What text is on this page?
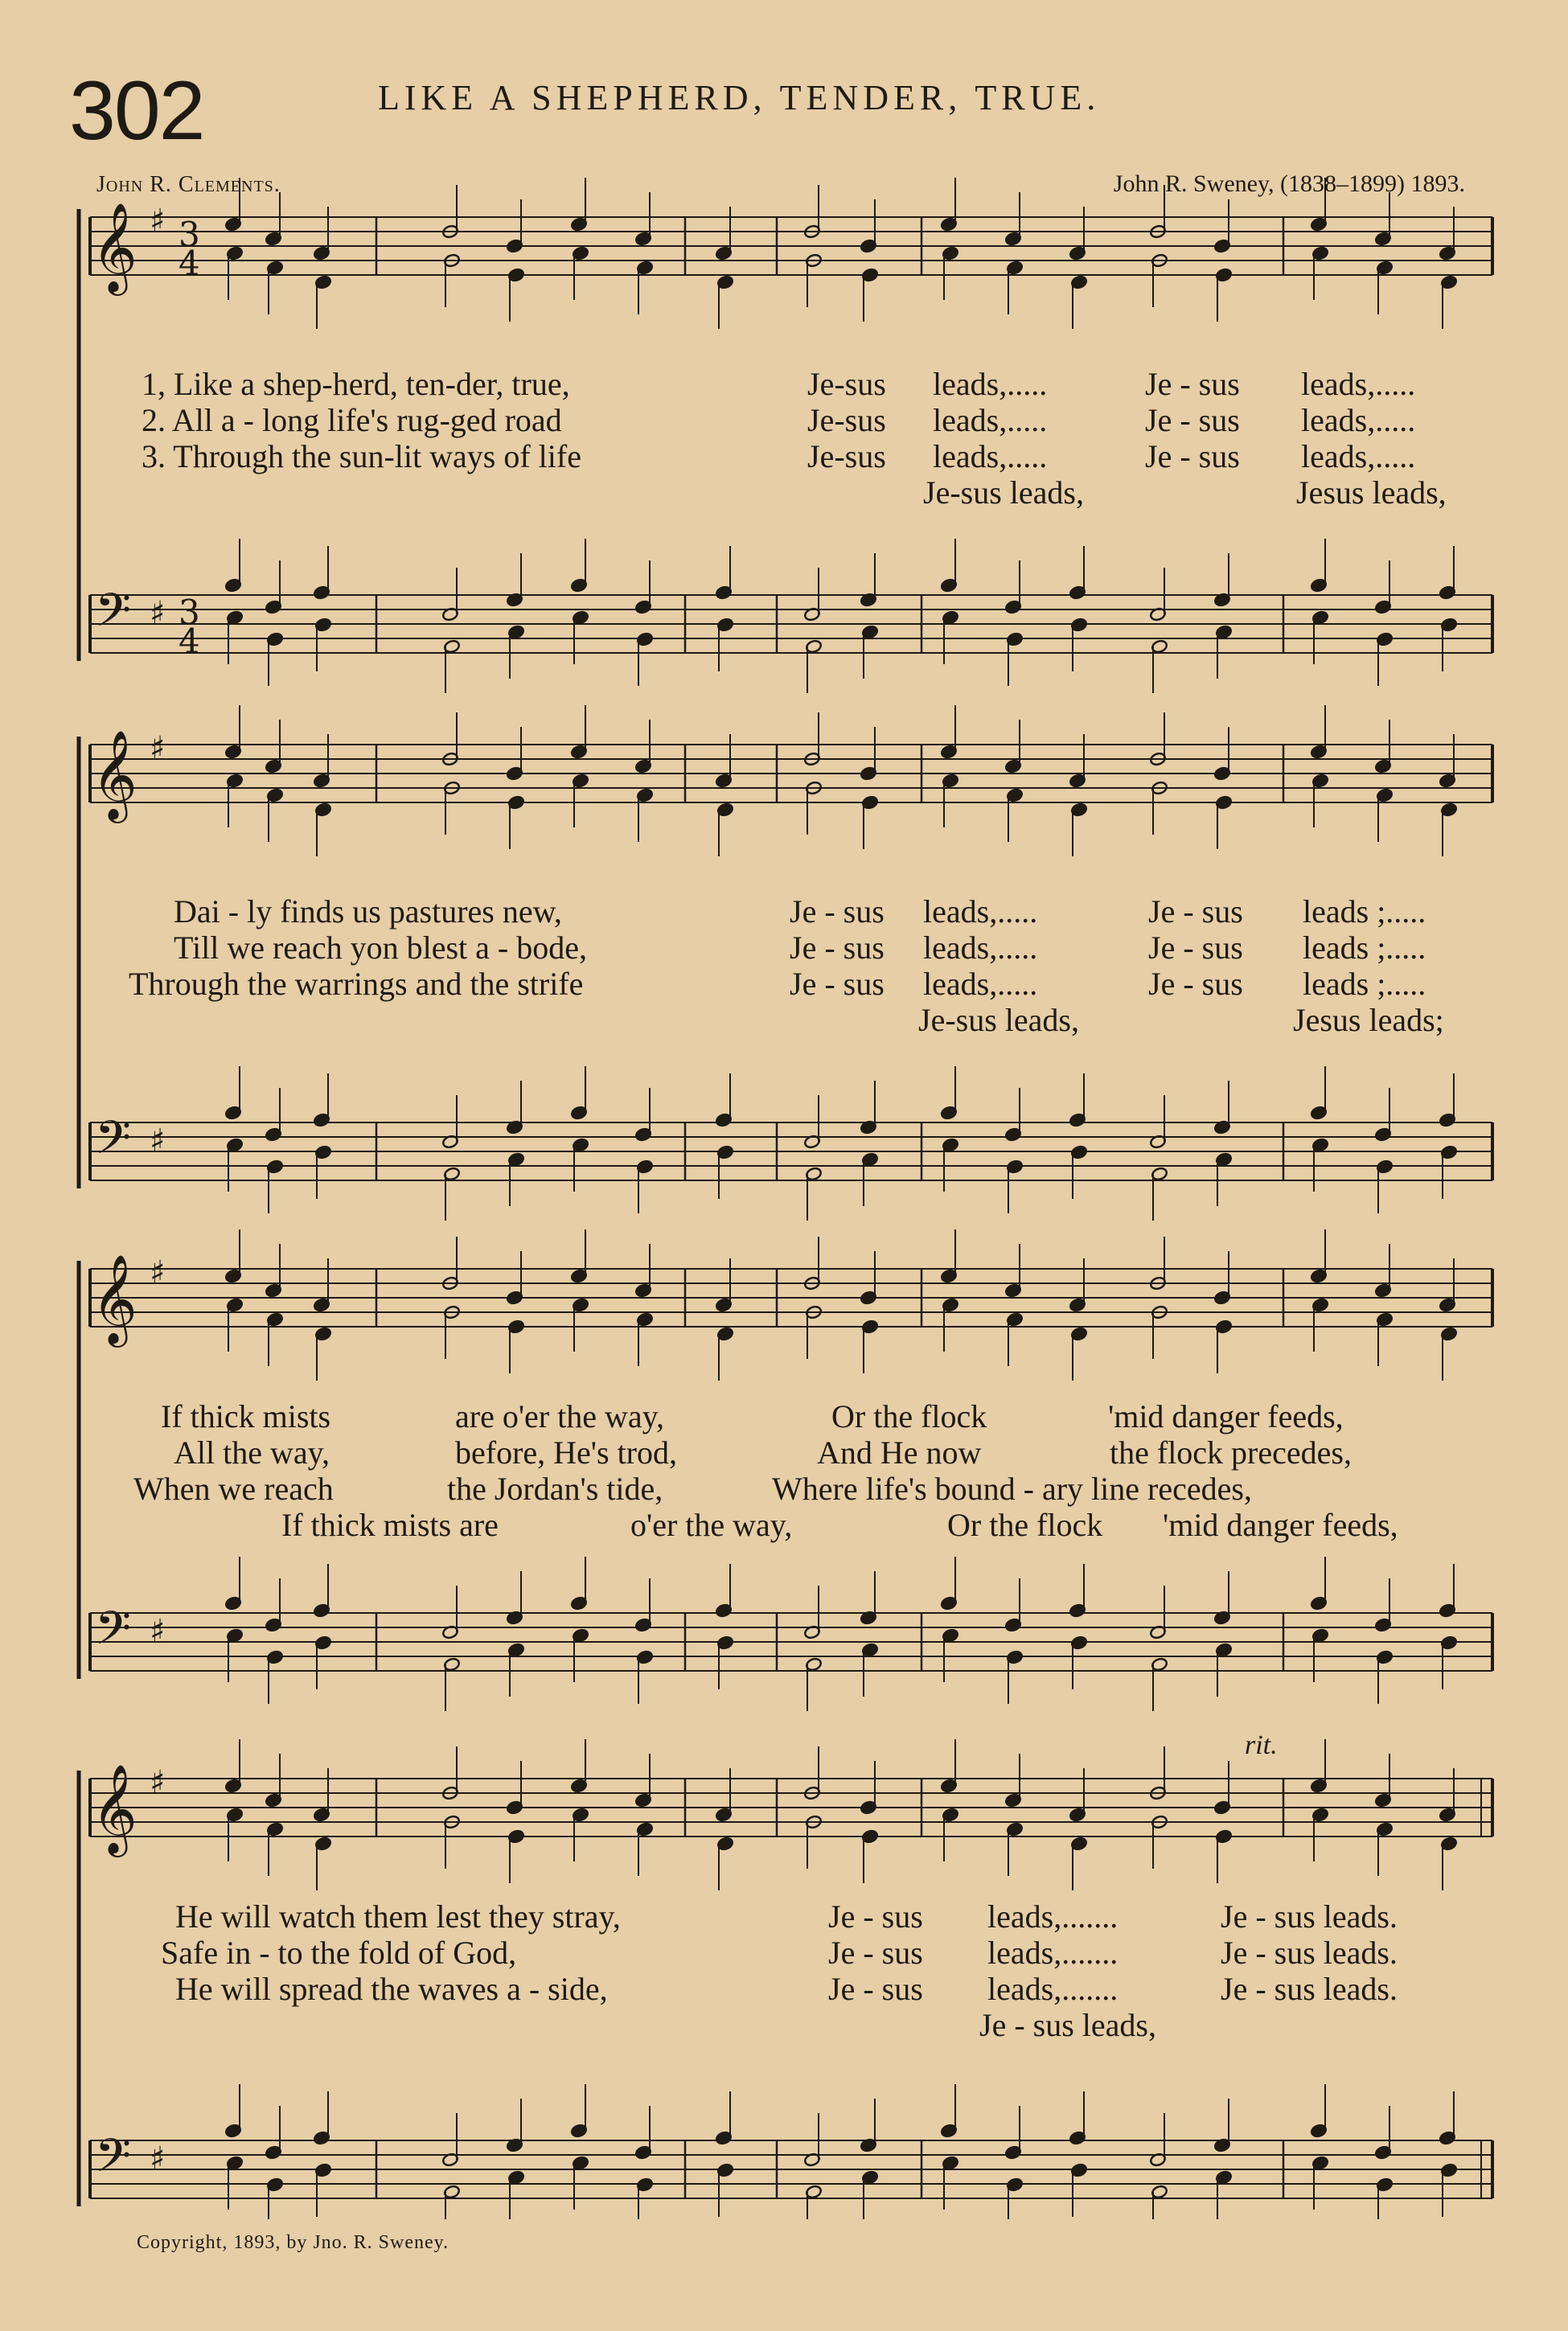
302	LIKE A SHEPHERD, TENDER, TRUE.
John R. Clements.	John R. Sweney, (1838–1899) 1893.
𝄞
𝄢
♯
♯
3
4
3
4
1, Like a shep-herd, ten-der, true,	Je-sus leads,.....	Je - sus leads,.....
2. All a - long life's rug-ged road	Je-sus leads,.....	Je - sus leads,.....
3. Through the sun-lit ways of life	Je-sus leads,.....	Je - sus leads,.....
Je-sus leads,	Jesus leads,
𝄞
𝄢
♯
♯
Dai - ly finds us pastures new,	Je - sus leads,.....	Je - sus leads ;.....
Till we reach yon blest a - bode,	Je - sus leads,.....	Je - sus leads ;.....
Through the warrings and the strife	Je - sus leads,.....	Je - sus leads ;.....
Je-sus leads,	Jesus leads;
𝄞
𝄢
♯
♯
If thick mists	are o'er the way,	Or the flock	'mid danger feeds,
All the way,	before, He's trod,	And He now	the flock precedes,
When we reach	the Jordan's tide,	Where life's bound - ary line recedes,
If thick mists are	o'er the way,	Or the flock 'mid danger feeds,
𝄞
𝄢
♯
♯
rit.
He will watch them lest they stray,	Je - sus leads,.......	Je - sus leads.
Safe in - to the fold of God,	Je - sus leads,.......	Je - sus leads.
He will spread the waves a - side,	Je - sus leads,.......	Je - sus leads.
Je - sus leads,
Copyright, 1893, by Jno. R. Sweney.
